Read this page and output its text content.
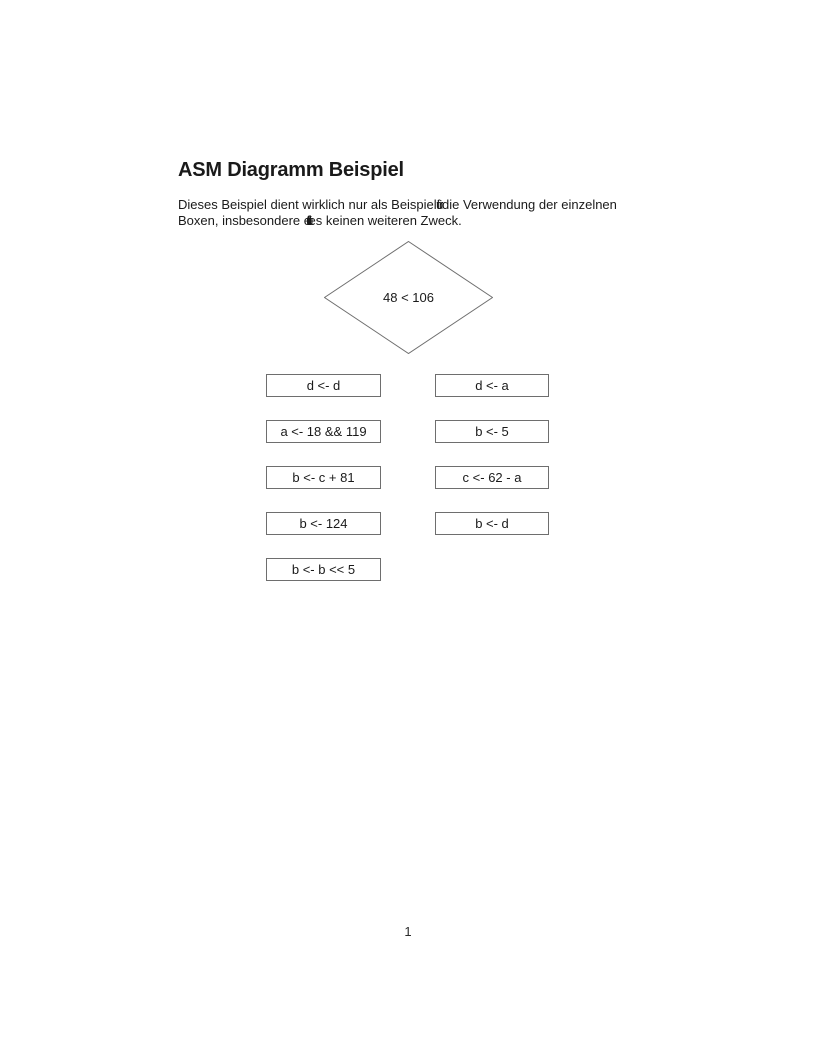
ASM Diagramm Beispiel
Dieses Beispiel dient wirklich nur als Beispielfür die Verwendung der einzelnen
Boxen, insbesondere erfüllt es keinen weiteren Zweck.
48 < 106
d <- d
a <- 18 && 119
b <- c + 81
b <- 124
b <- b << 5
d <- a
b <- 5
c <- 62 - a
b <- d
1
